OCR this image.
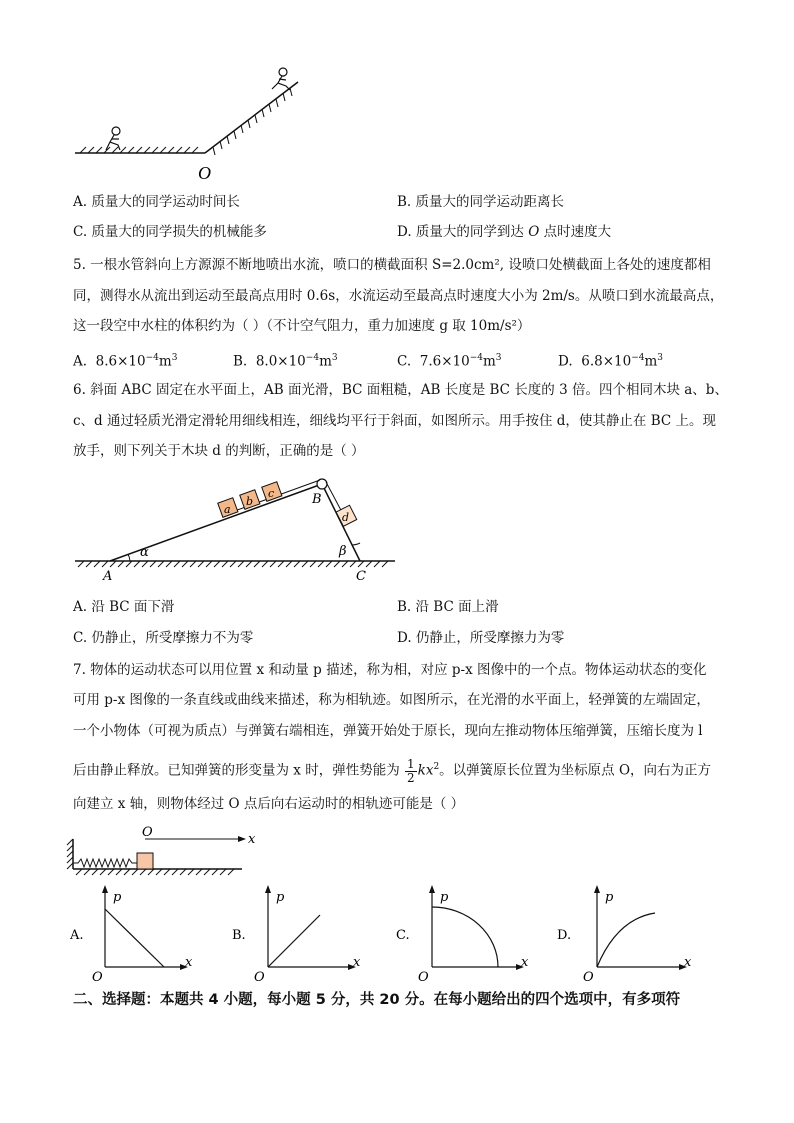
O
A. 质量大的同学运动时间长	B. 质量大的同学运动距离长
C. 质量大的同学损失的机械能多	D. 质量大的同学到达 O 点时速度大
5. 一根水管斜向上方源源不断地喷出水流，喷口的横截面积 S=2.0cm², 设喷口处横截面上各处的速度都相
同，测得水从流出到运动至最高点用时 0.6s，水流运动至最高点时速度大小为 2m/s。从喷口到水流最高点，
这一段空中水柱的体积约为（ ）（不计空气阻力，重力加速度 g 取 10m/s²）
A. $8.6\times 10^{-4}m^3$	B. $8.0\times 10^{-4}m^3$	C. $7.6\times 10^{-4}m^3$	D. $6.8\times 10^{-4}m^3$
6. 斜面 ABC 固定在水平面上，AB 面光滑，BC 面粗糙，AB 长度是 BC 长度的 3 倍。四个相同木块 a、b、
c、d 通过轻质光滑定滑轮用细线相连，细线均平行于斜面，如图所示。用手按住 d，使其静止在 BC 上。现
放手，则下列关于木块 d 的判断，正确的是（ ）
a
b
c
d
α	β
A
B
C
A. 沿 BC 面下滑	B. 沿 BC 面上滑
C. 仍静止，所受摩擦力不为零	D. 仍静止，所受摩擦力为零
7. 物体的运动状态可以用位置 x 和动量 p 描述，称为相，对应 p-x 图像中的一个点。物体运动状态的变化
可用 p-x 图像的一条直线或曲线来描述，称为相轨迹。如图所示，在光滑的水平面上，轻弹簧的左端固定，
一个小物体（可视为质点）与弹簧右端相连，弹簧开始处于原长，现向左推动物体压缩弹簧，压缩长度为 l
后由静止释放。已知弹簧的形变量为 x 时，弹性势能为 $\frac{1}{2} kx^2$。以弹簧原长位置为坐标原点 O，向右为正方
向建立 x 轴，则物体经过 O 点后向右运动时的相轨迹可能是（ ）
O	x
A.
p
x
O
B.
p
x
O
C.
p
x
O
D.
p
x
O
二、选择题：本题共 4 小题，每小题 5 分，共 20 分。在每小题给出的四个选项中，有多项符
